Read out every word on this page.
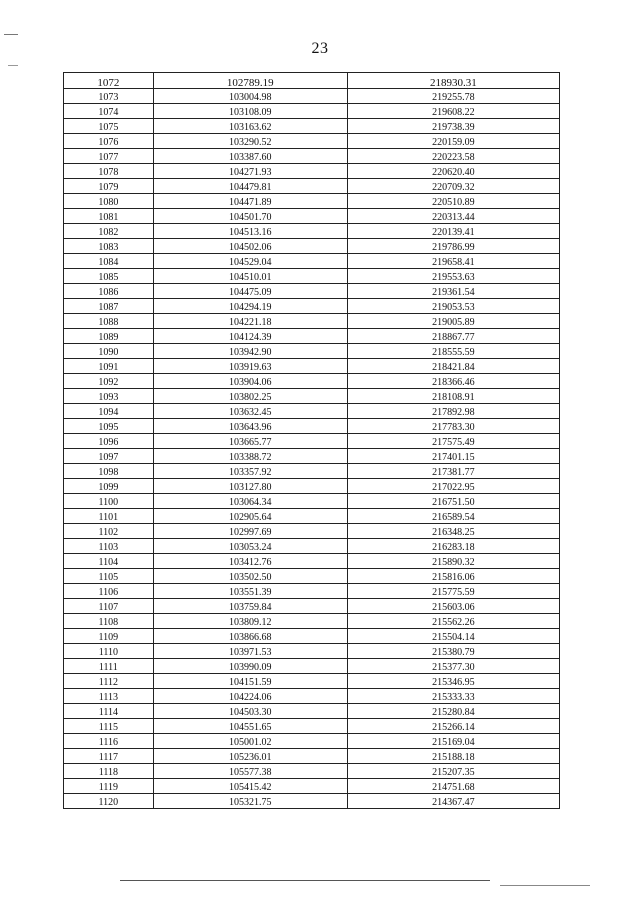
23
1072	102789.19	218930.31
1073	103004.98	219255.78
1074	103108.09	219608.22
1075	103163.62	219738.39
1076	103290.52	220159.09
1077	103387.60	220223.58
1078	104271.93	220620.40
1079	104479.81	220709.32
1080	104471.89	220510.89
1081	104501.70	220313.44
1082	104513.16	220139.41
1083	104502.06	219786.99
1084	104529.04	219658.41
1085	104510.01	219553.63
1086	104475.09	219361.54
1087	104294.19	219053.53
1088	104221.18	219005.89
1089	104124.39	218867.77
1090	103942.90	218555.59
1091	103919.63	218421.84
1092	103904.06	218366.46
1093	103802.25	218108.91
1094	103632.45	217892.98
1095	103643.96	217783.30
1096	103665.77	217575.49
1097	103388.72	217401.15
1098	103357.92	217381.77
1099	103127.80	217022.95
1100	103064.34	216751.50
1101	102905.64	216589.54
1102	102997.69	216348.25
1103	103053.24	216283.18
1104	103412.76	215890.32
1105	103502.50	215816.06
1106	103551.39	215775.59
1107	103759.84	215603.06
1108	103809.12	215562.26
1109	103866.68	215504.14
1110	103971.53	215380.79
1111	103990.09	215377.30
1112	104151.59	215346.95
1113	104224.06	215333.33
1114	104503.30	215280.84
1115	104551.65	215266.14
1116	105001.02	215169.04
1117	105236.01	215188.18
1118	105577.38	215207.35
1119	105415.42	214751.68
1120	105321.75	214367.47
